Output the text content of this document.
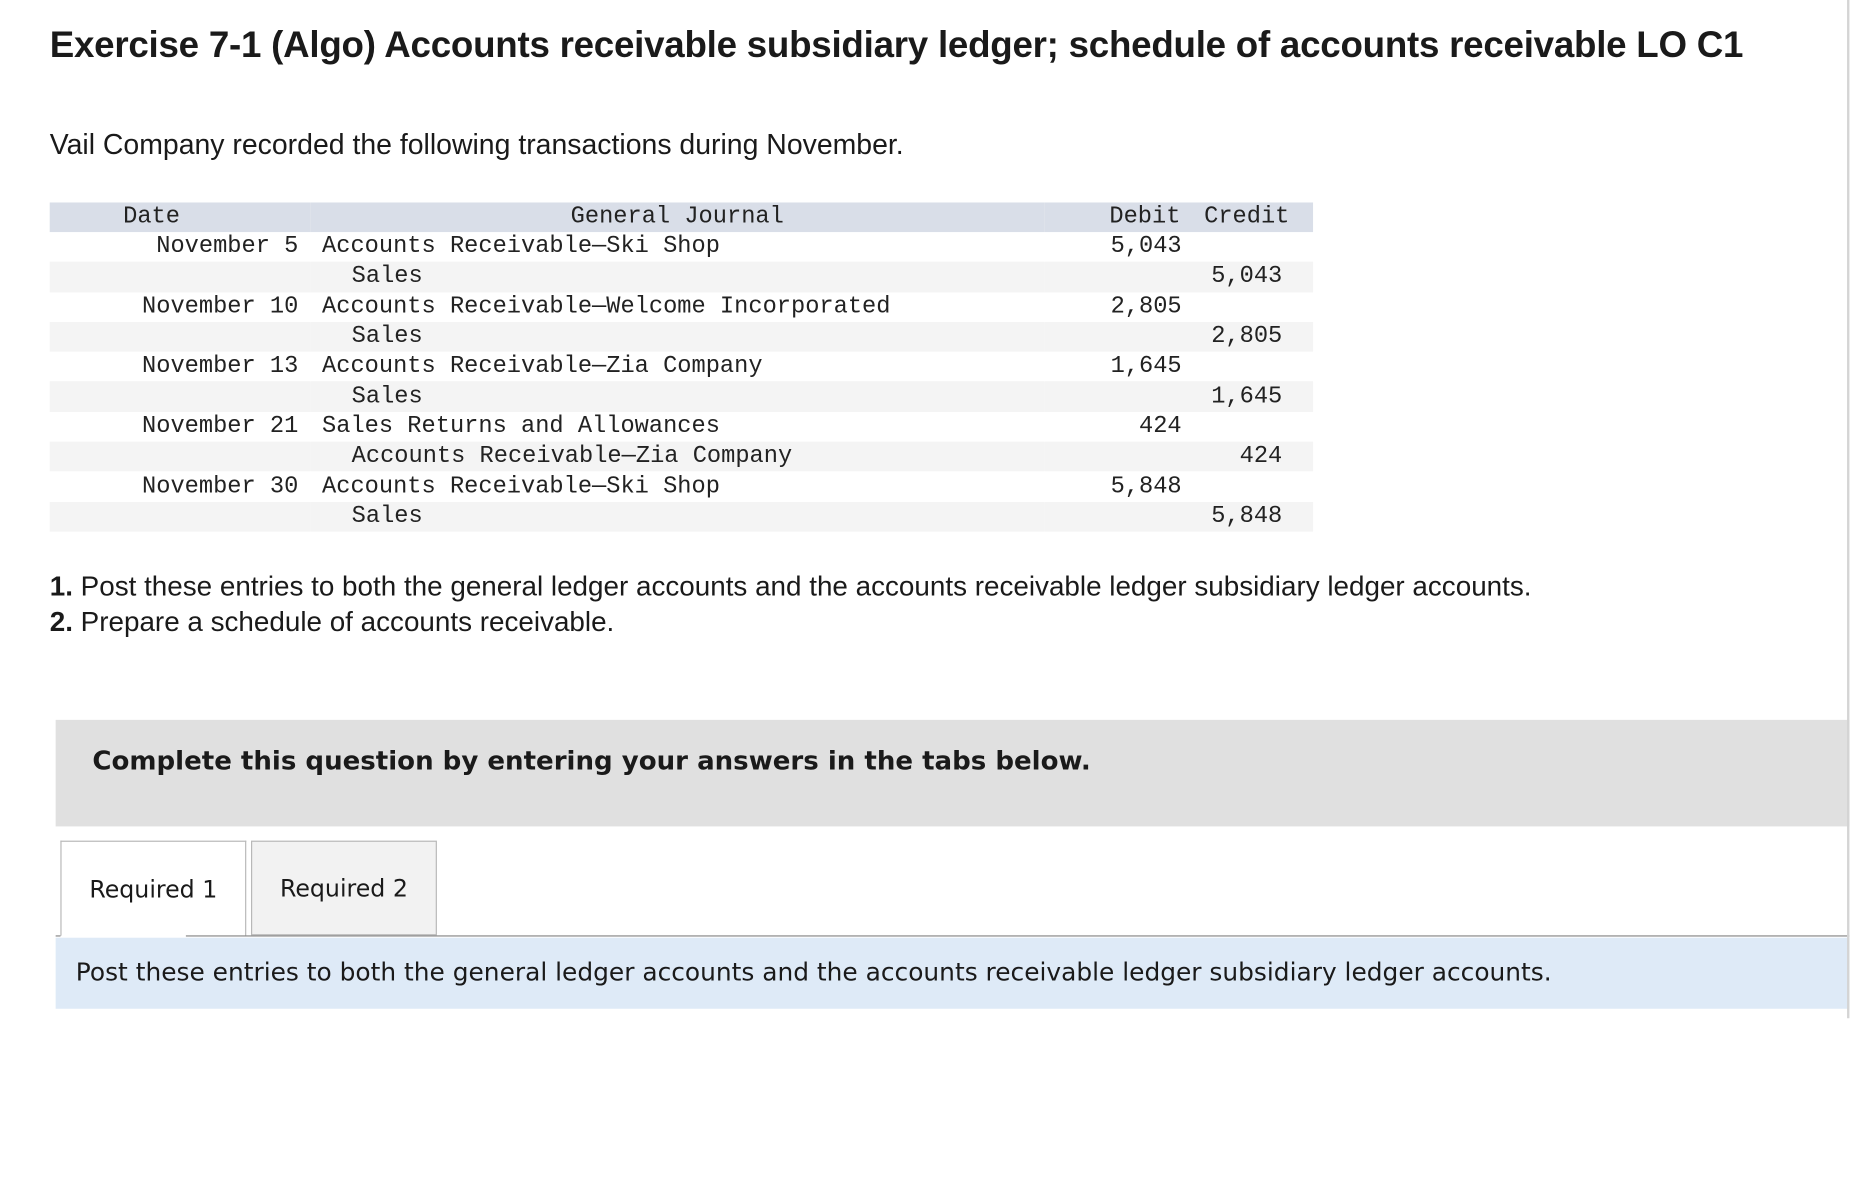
Exercise 7-1 (Algo) Accounts receivable subsidiary ledger; schedule of accounts receivable LO C1

Vail Company recorded the following transactions during November.

Date	General Journal	Debit	Credit
November 5	Accounts Receivable—Ski Shop	5,043	
	Sales		5,043
November 10	Accounts Receivable—Welcome Incorporated	2,805	
	Sales		2,805
November 13	Accounts Receivable—Zia Company	1,645	
	Sales		1,645
November 21	Sales Returns and Allowances	424	
	Accounts Receivable—Zia Company		424
November 30	Accounts Receivable—Ski Shop	5,848	
	Sales		5,848
1. Post these entries to both the general ledger accounts and the accounts receivable ledger subsidiary ledger accounts.
2. Prepare a schedule of accounts receivable.

Complete this question by entering your answers in the tabs below.

Required 1	Required 2

Post these entries to both the general ledger accounts and the accounts receivable ledger subsidiary ledger accounts.
